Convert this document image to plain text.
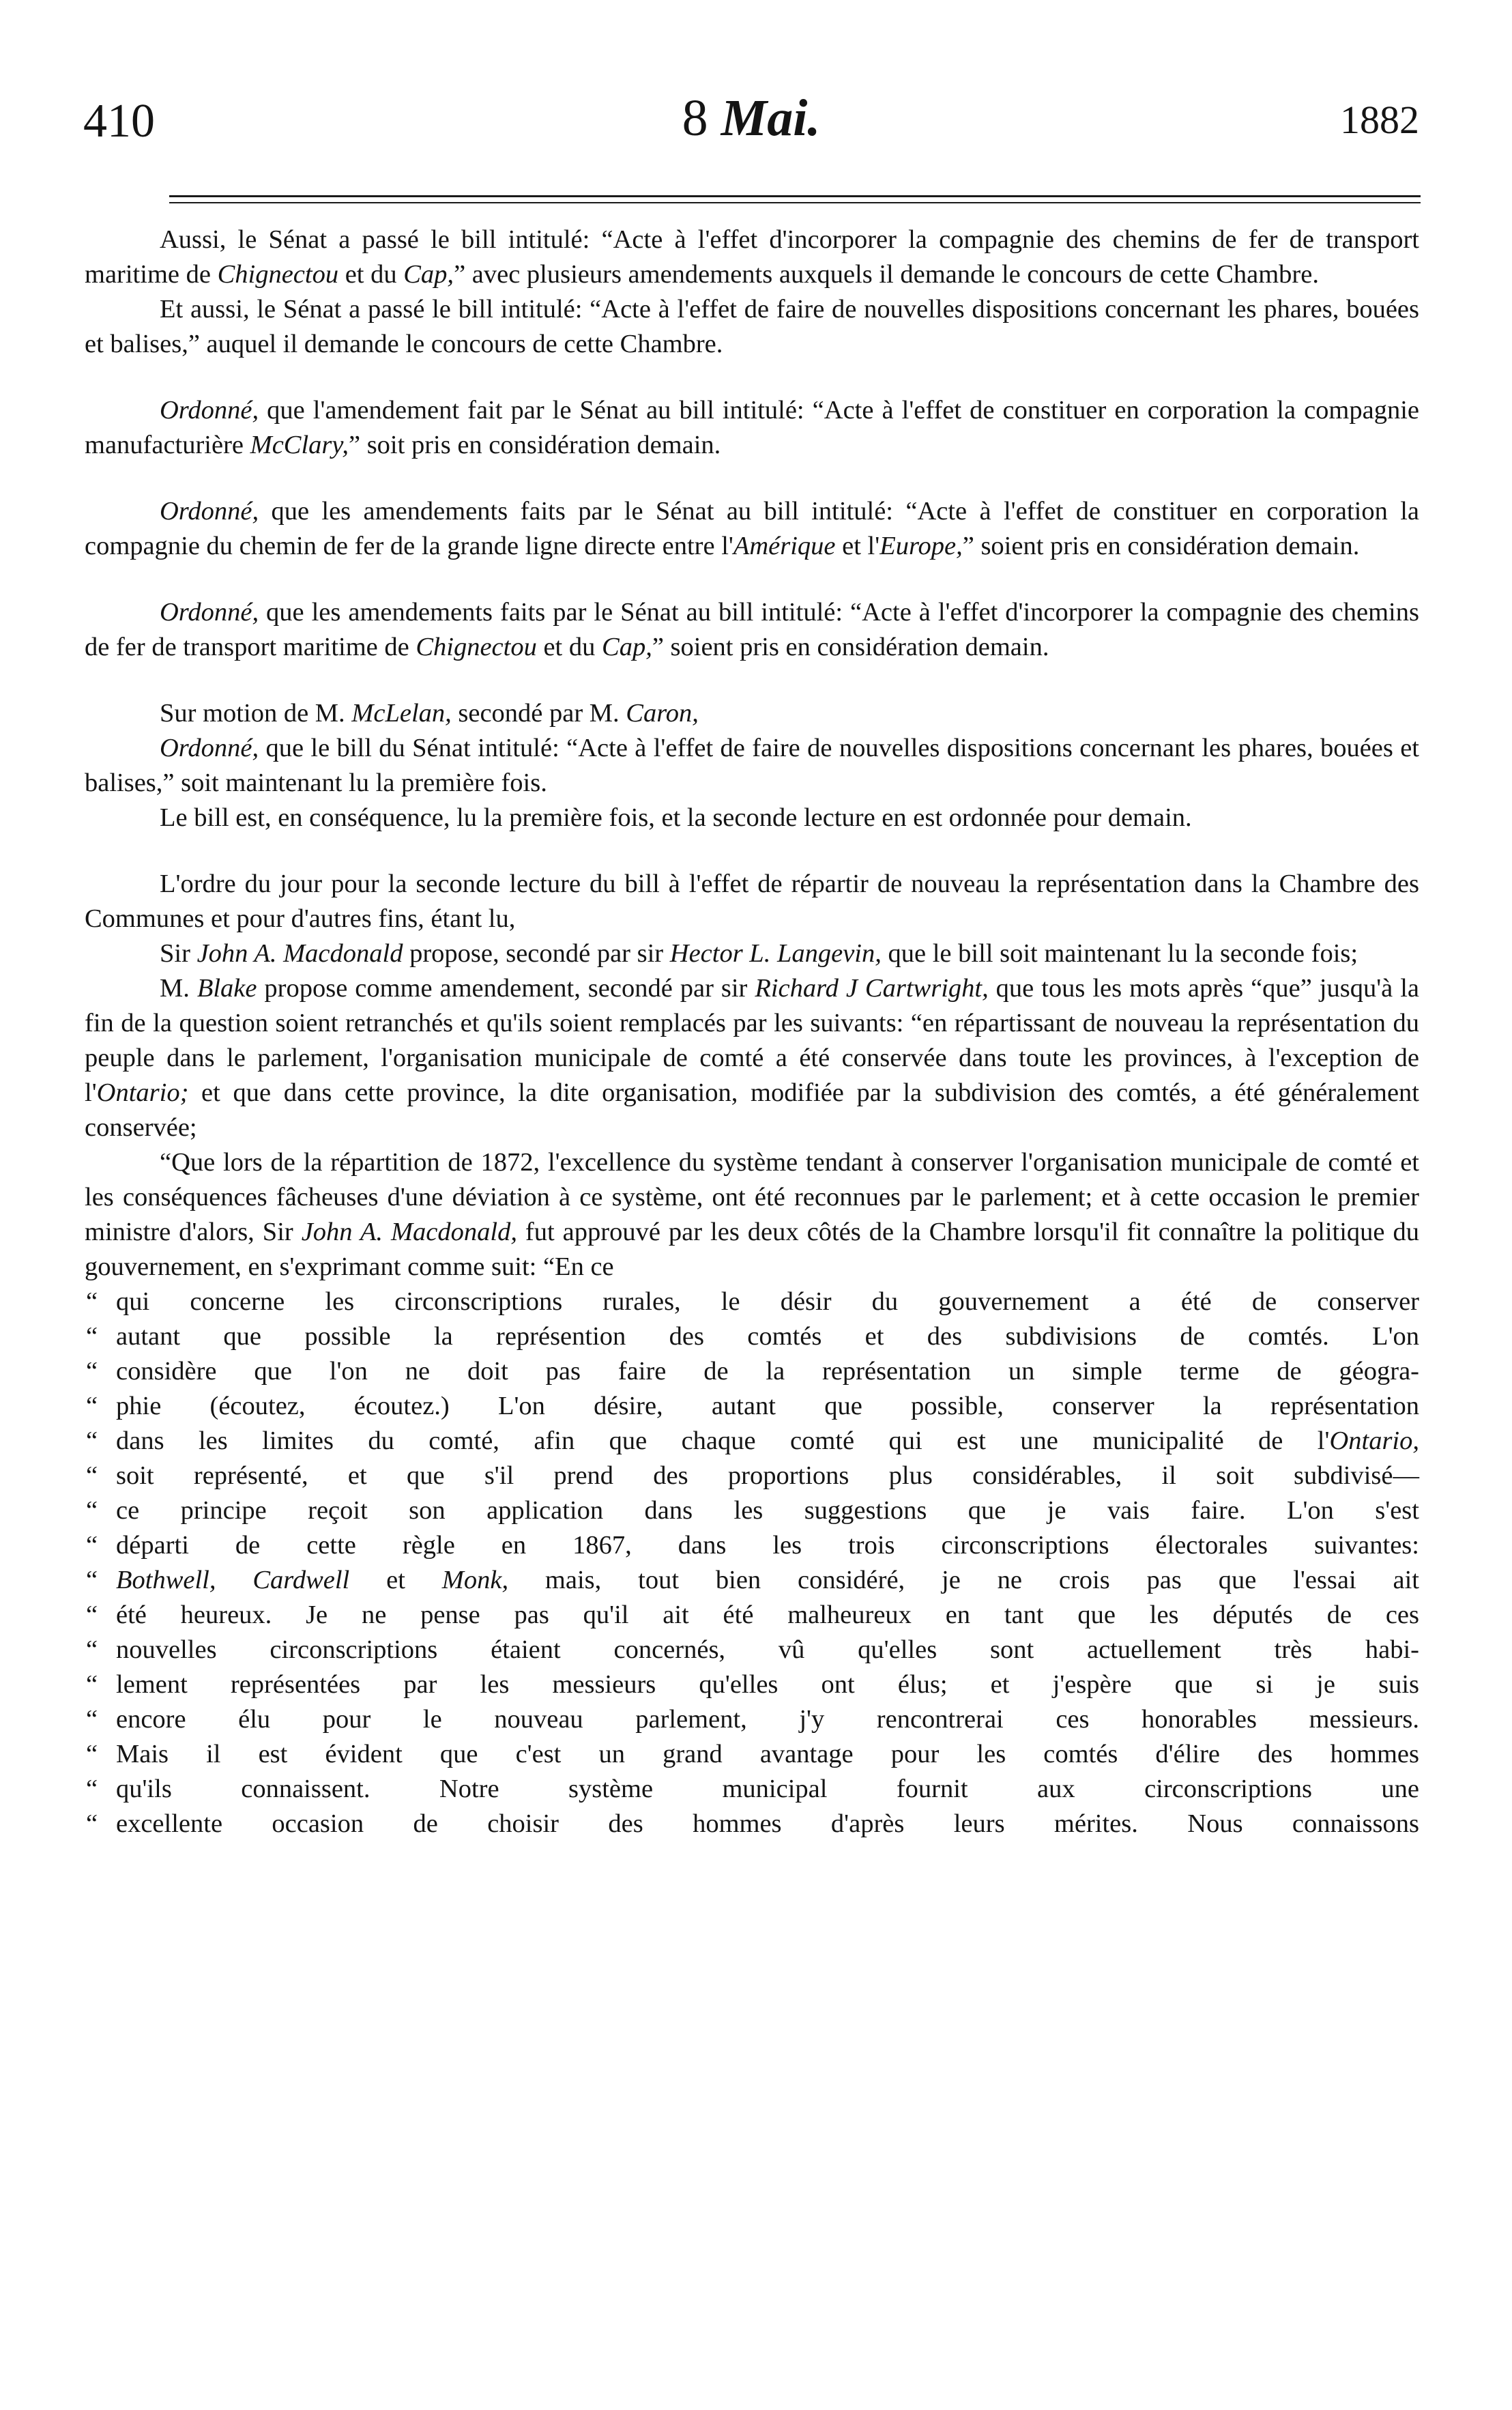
410	8 Mai.	1882

Aussi, le Sénat a passé le bill intitulé: “Acte à l'effet d'incorporer la compagnie des chemins de fer de transport maritime de Chignectou et du Cap,” avec plusieurs amendements auxquels il demande le concours de cette Chambre.

Et aussi, le Sénat a passé le bill intitulé: “Acte à l'effet de faire de nouvelles dispositions concernant les phares, bouées et balises,” auquel il demande le concours de cette Chambre.

Ordonné, que l'amendement fait par le Sénat au bill intitulé: “Acte à l'effet de constituer en corporation la compagnie manufacturière McClary,” soit pris en considération demain.

Ordonné, que les amendements faits par le Sénat au bill intitulé: “Acte à l'effet de constituer en corporation la compagnie du chemin de fer de la grande ligne directe entre l'Amérique et l'Europe,” soient pris en considération demain.

Ordonné, que les amendements faits par le Sénat au bill intitulé: “Acte à l'effet d'incorporer la compagnie des chemins de fer de transport maritime de Chignectou et du Cap,” soient pris en considération demain.

Sur motion de M. McLelan, secondé par M. Caron,

Ordonné, que le bill du Sénat intitulé: “Acte à l'effet de faire de nouvelles dispositions concernant les phares, bouées et balises,” soit maintenant lu la première fois.

Le bill est, en conséquence, lu la première fois, et la seconde lecture en est ordonnée pour demain.

L'ordre du jour pour la seconde lecture du bill à l'effet de répartir de nouveau la représentation dans la Chambre des Communes et pour d'autres fins, étant lu,

Sir John A. Macdonald propose, secondé par sir Hector L. Langevin, que le bill soit maintenant lu la seconde fois;

M. Blake propose comme amendement, secondé par sir Richard J Cartwright, que tous les mots après “que” jusqu'à la fin de la question soient retranchés et qu'ils soient remplacés par les suivants: “en répartissant de nouveau la représentation du peuple dans le parlement, l'organisation municipale de comté a été conservée dans toute les provinces, à l'exception de l'Ontario; et que dans cette province, la dite organisation, modifiée par la subdivision des comtés, a été généralement conservée;

“Que lors de la répartition de 1872, l'excellence du système tendant à conserver l'organisation municipale de comté et les conséquences fâcheuses d'une déviation à ce système, ont été reconnues par le parlement; et à cette occasion le premier ministre d'alors, Sir John A. Macdonald, fut approuvé par les deux côtés de la Chambre lorsqu'il fit connaître la politique du gouvernement, en s'exprimant comme suit: “En ce

“ qui concerne les circonscriptions rurales, le désir du gouvernement a été de conserver

“ autant que possible la représention des comtés et des subdivisions de comtés. L'on

“ considère que l'on ne doit pas faire de la représentation un simple terme de géogra-

“ phie (écoutez, écoutez.) L'on désire, autant que possible, conserver la représentation

“ dans les limites du comté, afin que chaque comté qui est une municipalité de l'Ontario,

“ soit représenté, et que s'il prend des proportions plus considérables, il soit subdivisé—

“ ce principe reçoit son application dans les suggestions que je vais faire. L'on s'est

“ départi de cette règle en 1867, dans les trois circonscriptions électorales suivantes:

“ Bothwell, Cardwell et Monk, mais, tout bien considéré, je ne crois pas que l'essai ait

“ été heureux. Je ne pense pas qu'il ait été malheureux en tant que les députés de ces

“ nouvelles circonscriptions étaient concernés, vû qu'elles sont actuellement très habi-

“ lement représentées par les messieurs qu'elles ont élus; et j'espère que si je suis

“ encore élu pour le nouveau parlement, j'y rencontrerai ces honorables messieurs.

“ Mais il est évident que c'est un grand avantage pour les comtés d'élire des hommes

“ qu'ils connaissent. Notre système municipal fournit aux circonscriptions une

“ excellente occasion de choisir des hommes d'après leurs mérites. Nous connaissons
